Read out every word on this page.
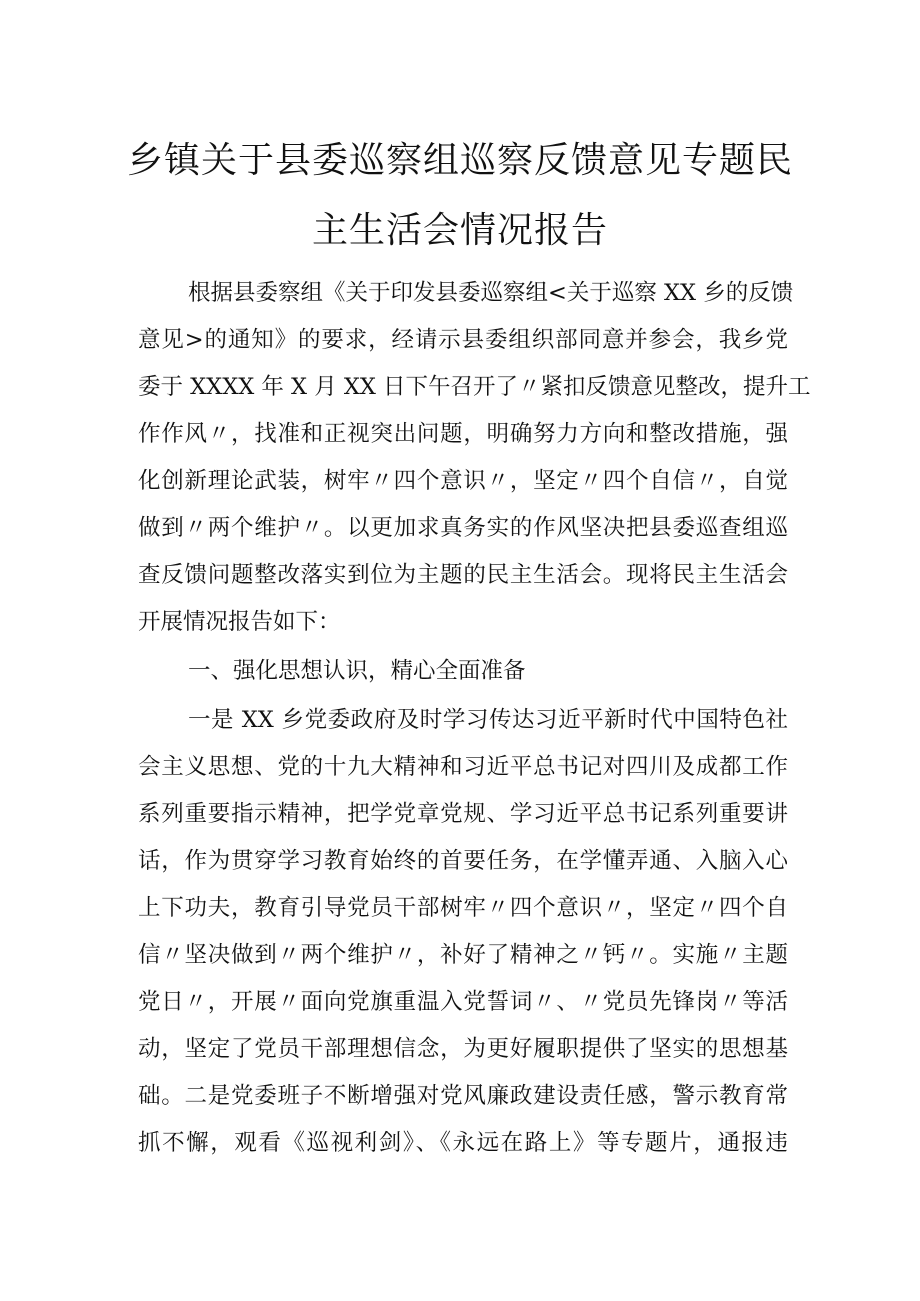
乡镇关于县委巡察组巡察反馈意见专题民
主生活会情况报告
根据县委察组《关于印发县委巡察组<关于巡察 XX 乡的反馈
意见>的通知》的要求，经请示县委组织部同意并参会，我乡党
委于 XXXX 年 X 月 XX 日下午召开了〃紧扣反馈意见整改，提升工
作作风〃，找准和正视突出问题，明确努力方向和整改措施，强
化创新理论武装，树牢〃四个意识〃，坚定〃四个自信〃，自觉
做到〃两个维护〃。以更加求真务实的作风坚决把县委巡查组巡
查反馈问题整改落实到位为主题的民主生活会。现将民主生活会
开展情况报告如下：
一、强化思想认识，精心全面准备
一是 XX 乡党委政府及时学习传达习近平新时代中国特色社
会主义思想、党的十九大精神和习近平总书记对四川及成都工作
系列重要指示精神，把学党章党规、学习近平总书记系列重要讲
话，作为贯穿学习教育始终的首要任务，在学懂弄通、入脑入心
上下功夫，教育引导党员干部树牢〃四个意识〃，坚定〃四个自
信〃坚决做到〃两个维护〃，补好了精神之〃钙〃。实施〃主题
党日〃，开展〃面向党旗重温入党誓词〃、〃党员先锋岗〃等活
动，坚定了党员干部理想信念，为更好履职提供了坚实的思想基
础。二是党委班子不断增强对党风廉政建设责任感，警示教育常
抓不懈，观看《巡视利剑》、《永远在路上》等专题片，通报违
